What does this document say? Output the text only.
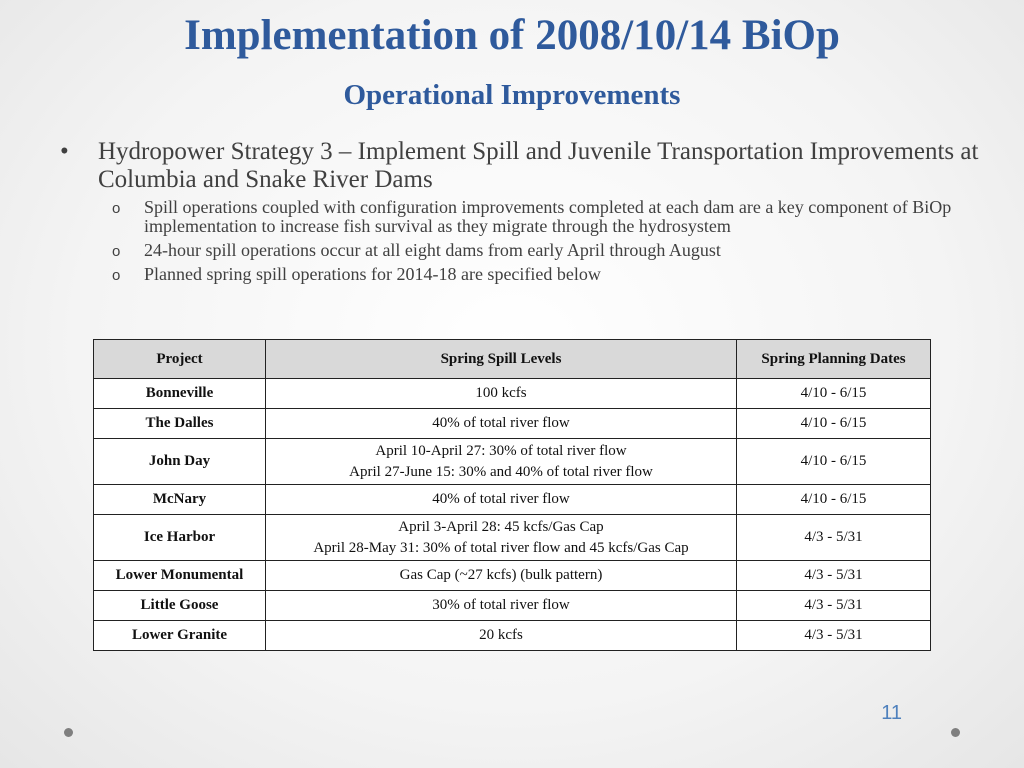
Implementation of 2008/10/14 BiOp
Operational Improvements
• Hydropower Strategy 3 – Implement Spill and Juvenile Transportation Improvements at Columbia and Snake River Dams
o Spill operations coupled with configuration improvements completed at each dam are a key component of BiOp implementation to increase fish survival as they migrate through the hydrosystem
o 24-hour spill operations occur at all eight dams from early April through August
o Planned spring spill operations for 2014-18 are specified below
Project	Spring Spill Levels	Spring Planning Dates
Bonneville	100 kcfs	4/10 - 6/15
The Dalles	40% of total river flow	4/10 - 6/15
John Day	April 10-April 27: 30% of total river flow
April 27-June 15: 30% and 40% of total river flow	4/10 - 6/15
McNary	40% of total river flow	4/10 - 6/15
Ice Harbor	April 3-April 28: 45 kcfs/Gas Cap
April 28-May 31: 30% of total river flow and 45 kcfs/Gas Cap	4/3 - 5/31
Lower Monumental	Gas Cap (~27 kcfs) (bulk pattern)	4/3 - 5/31
Little Goose	30% of total river flow	4/3 - 5/31
Lower Granite	20 kcfs	4/3 - 5/31
11
